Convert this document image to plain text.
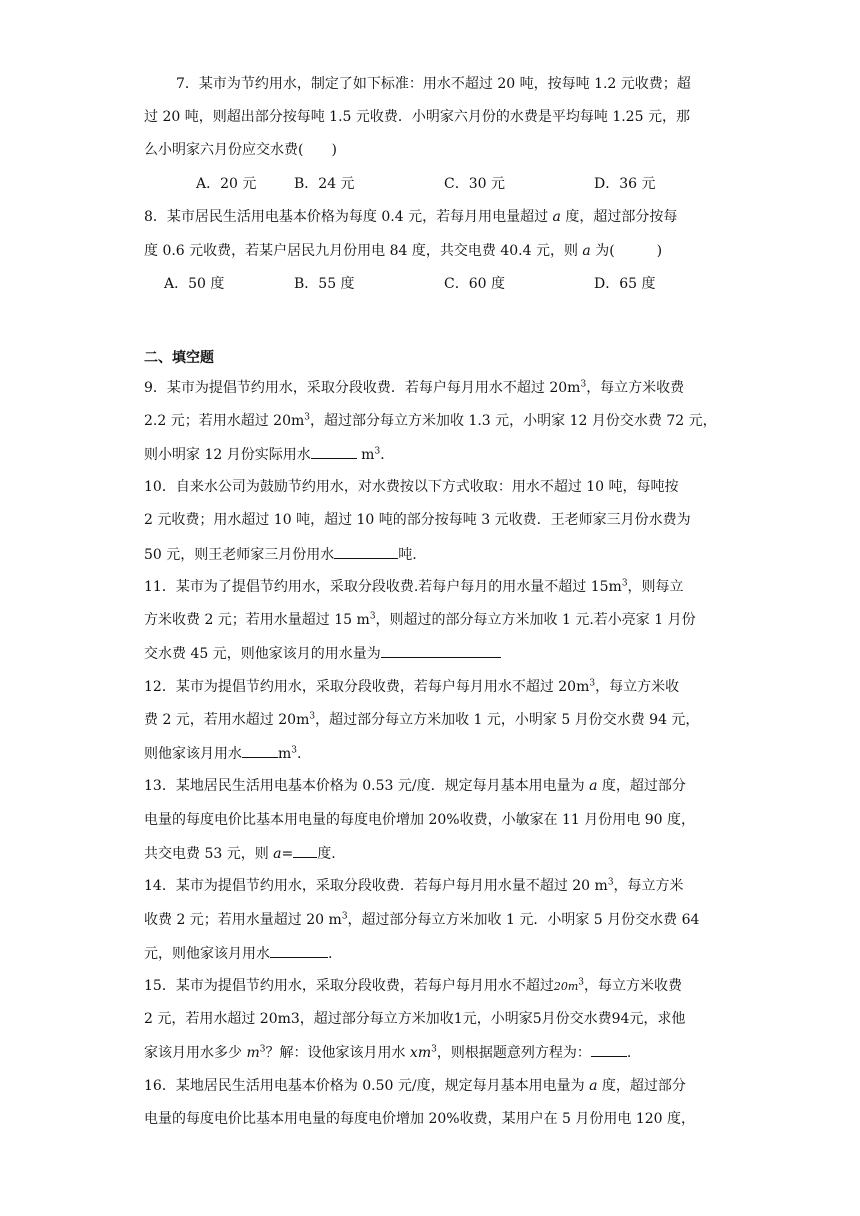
7．某市为节约用水，制定了如下标准：用水不超过 20 吨，按每吨 1.2 元收费；超
过 20 吨，则超出部分按每吨 1.5 元收费．小明家六月份的水费是平均每吨 1.25 元，那
么小明家六月份应交水费(　　)
A．20 元	B．24 元	C．30 元	D．36 元
8．某市居民生活用电基本价格为每度 0.4 元，若每月用电量超过 a 度，超过部分按每
度 0.6 元收费，若某户居民九月份用电 84 度，共交电费 40.4 元，则 a 为(　　　)
A．50 度	B．55 度	C．60 度	D．65 度
二、填空题
9．某市为提倡节约用水，采取分段收费．若每户每月用水不超过 $20m^3$，每立方米收费
2.2 元；若用水超过 $20m^3$，超过部分每立方米加收 1.3 元，小明家 12 月份交水费 72 元，
则小明家 12 月份实际用水	$m^3$．
10．自来水公司为鼓励节约用水，对水费按以下方式收取：用水不超过 10 吨，每吨按
2 元收费；用水超过 10 吨，超过 10 吨的部分按每吨 3 元收费．王老师家三月份水费为
50 元，则王老师家三月份用水	吨.
11．某市为了提倡节约用水，采取分段收费.若每户每月的用水量不超过 $15m^3$，则每立
方米收费 2 元；若用水量超过 15 $m^3$，则超过的部分每立方米加收 1 元.若小亮家 1 月份
交水费 45 元，则他家该月的用水量为
12．某市为提倡节约用水，采取分段收费，若每户每月用水不超过 $20m^3$，每立方米收
费 2 元，若用水超过 $20m^3$，超过部分每立方米加收 1 元，小明家 5 月份交水费 94 元，
则他家该月用水	$m^3$.
13．某地居民生活用电基本价格为 0.53 元/度．规定每月基本用电量为 a 度，超过部分
电量的每度电价比基本用电量的每度电价增加 20%收费，小敏家在 11 月份用电 90 度，
共交电费 53 元，则 a= 度.
14．某市为提倡节约用水，采取分段收费．若每户每月用水量不超过 20 $m^3$，每立方米
收费 2 元；若用水量超过 20 $m^3$，超过部分每立方米加收 1 元．小明家 5 月份交水费 64
元，则他家该月用水	.
15．某市为提倡节约用水，采取分段收费，若每户每月用水不超过$20m^3$，每立方米收费
2 元，若用水超过 20m3，超过部分每立方米加收1元，小明家5月份交水费94元，求他
家该月用水多少 $m^3$？解：设他家该月用水 $xm^3$，则根据题意列方程为：	.
16．某地居民生活用电基本价格为 0.50 元/度，规定每月基本用电量为 a 度，超过部分
电量的每度电价比基本用电量的每度电价增加 20%收费，某用户在 5 月份用电 120 度，
